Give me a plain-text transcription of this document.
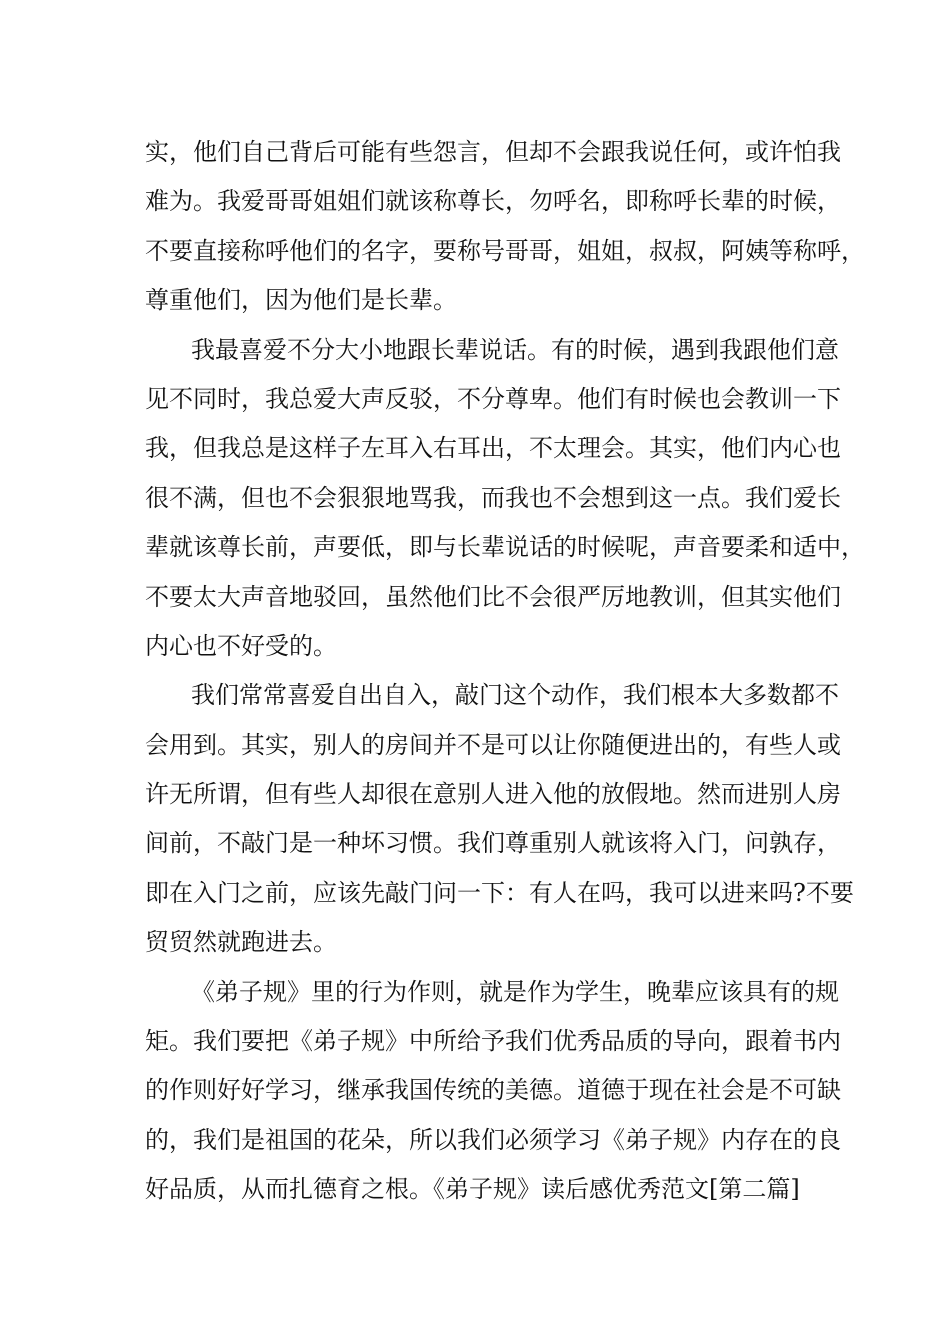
实，他们自己背后可能有些怨言，但却不会跟我说任何，或许怕我
难为。我爱哥哥姐姐们就该称尊长，勿呼名，即称呼长辈的时候，
不要直接称呼他们的名字，要称号哥哥，姐姐，叔叔，阿姨等称呼，
尊重他们，因为他们是长辈。
我最喜爱不分大小地跟长辈说话。有的时候，遇到我跟他们意
见不同时，我总爱大声反驳，不分尊卑。他们有时候也会教训一下
我，但我总是这样子左耳入右耳出，不太理会。其实，他们内心也
很不满，但也不会狠狠地骂我，而我也不会想到这一点。我们爱长
辈就该尊长前，声要低，即与长辈说话的时候呢，声音要柔和适中，
不要太大声音地驳回，虽然他们比不会很严厉地教训，但其实他们
内心也不好受的。
我们常常喜爱自出自入，敲门这个动作，我们根本大多数都不
会用到。其实，别人的房间并不是可以让你随便进出的，有些人或
许无所谓，但有些人却很在意别人进入他的放假地。然而进别人房
间前，不敲门是一种坏习惯。我们尊重别人就该将入门，问孰存，
即在入门之前，应该先敲门问一下：有人在吗，我可以进来吗?不要
贸贸然就跑进去。
《弟子规》里的行为作则，就是作为学生，晚辈应该具有的规
矩。我们要把《弟子规》中所给予我们优秀品质的导向，跟着书内
的作则好好学习，继承我国传统的美德。道德于现在社会是不可缺
的，我们是祖国的花朵，所以我们必须学习《弟子规》内存在的良
好品质，从而扎德育之根。《弟子规》读后感优秀范文[第二篇]
